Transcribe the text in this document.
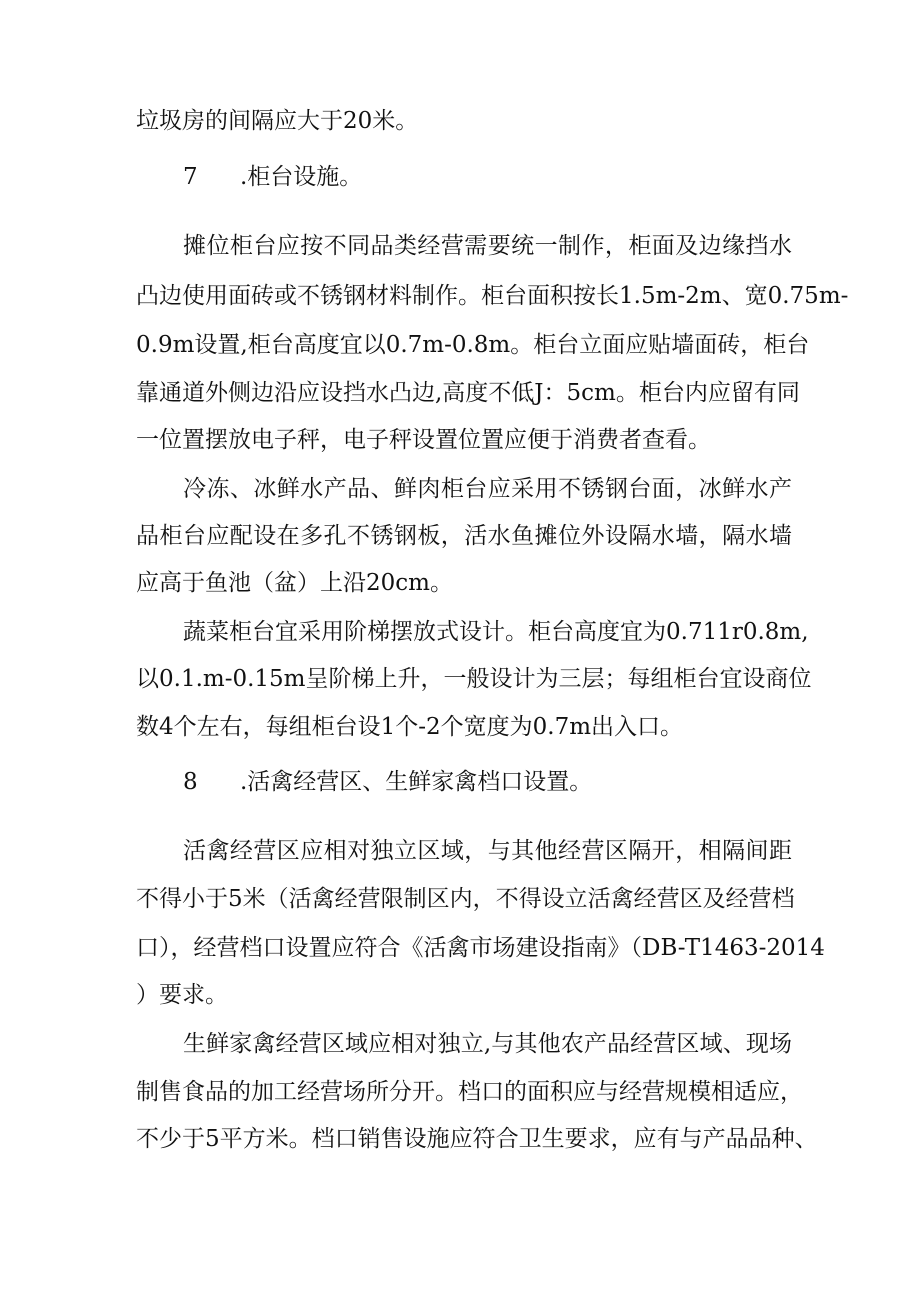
垃圾房的间隔应大于20米。
7 .柜台设施。
摊位柜台应按不同品类经营需要统一制作，柜面及边缘挡水
凸边使用面砖或不锈钢材料制作。柜台面积按长1.5m-2m、宽0.75m-
0.9m设置,柜台高度宜以0.7m-0.8m。柜台立面应贴墙面砖，柜台
靠通道外侧边沿应设挡水凸边,高度不低J：5cm。柜台内应留有同
一位置摆放电子秤，电子秤设置位置应便于消费者查看。
冷冻、冰鲜水产品、鲜肉柜台应采用不锈钢台面，冰鲜水产
品柜台应配设在多孔不锈钢板，活水鱼摊位外设隔水墙，隔水墙
应高于鱼池（盆）上沿20cm。
蔬菜柜台宜采用阶梯摆放式设计。柜台高度宜为0.711r0.8m,
以0.1.m-0.15m呈阶梯上升，一般设计为三层；每组柜台宜设商位
数4个左右，每组柜台设1个-2个宽度为0.7m出入口。
8 .活禽经营区、生鲜家禽档口设置。
活禽经营区应相对独立区域，与其他经营区隔开，相隔间距
不得小于5米（活禽经营限制区内，不得设立活禽经营区及经营档
口），经营档口设置应符合《活禽市场建设指南》（DB-T1463-2014
）要求。
生鲜家禽经营区域应相对独立,与其他农产品经营区域、现场
制售食品的加工经营场所分开。档口的面积应与经营规模相适应，
不少于5平方米。档口销售设施应符合卫生要求，应有与产品品种、
